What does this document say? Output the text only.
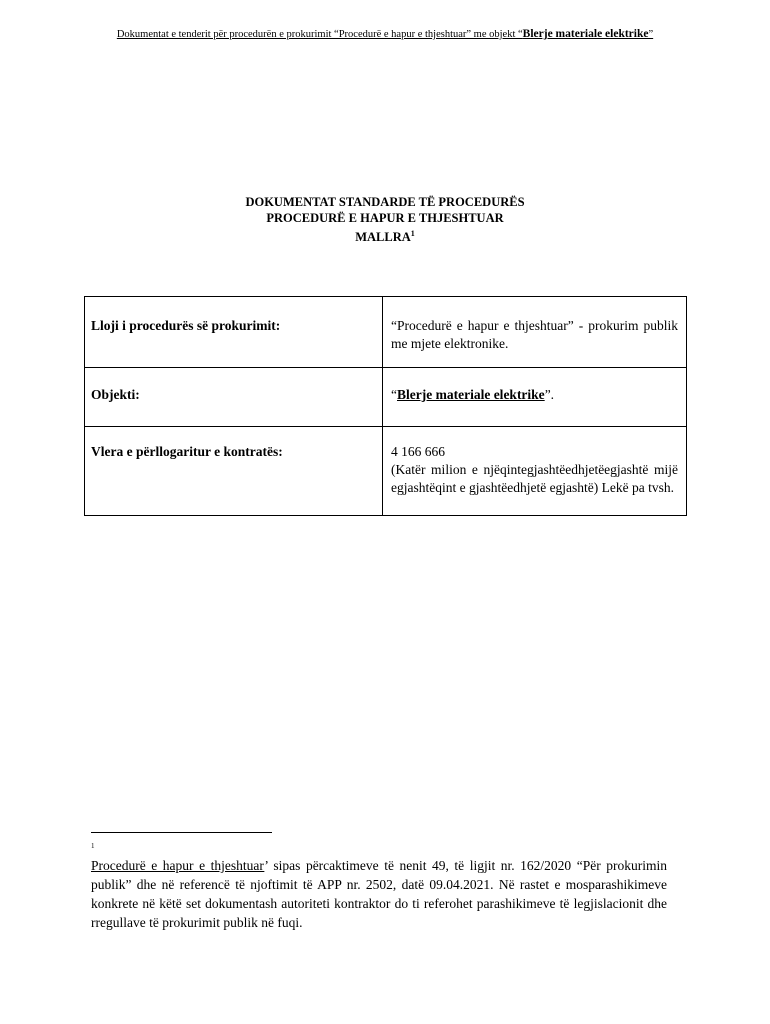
Dokumentat e tenderit për procedurën e prokurimit “Procedurë e hapur e thjeshtuar” me objekt “Blerje materiale elektrike”
DOKUMENTAT STANDARDE TË PROCEDURËS
PROCEDURË E HAPUR E THJESHTUAR
MALLRA$^1$
Lloji i procedurës së prokurimit:	“Procedurë e hapur e thjeshtuar” - prokurim publik me mjete elektronike.
Objekti:	“Blerje materiale elektrike”.
Vlera e përllogaritur e kontratës:	4 166 666
(Katër milion e njëqintegjashtëedhjetëegjashtë mijë egjashtëqint e gjashtëedhjetë egjashtë) Lekë pa tvsh.
1
Procedurë e hapur e thjeshtuar’ sipas përcaktimeve të nenit 49, të ligjit nr. 162/2020 “Për prokurimin publik” dhe në referencë të njoftimit të APP nr. 2502, datë 09.04.2021. Në rastet e mosparashikimeve konkrete në këtë set dokumentash autoriteti kontraktor do ti referohet parashikimeve të legjislacionit dhe rregullave të prokurimit publik në fuqi.
